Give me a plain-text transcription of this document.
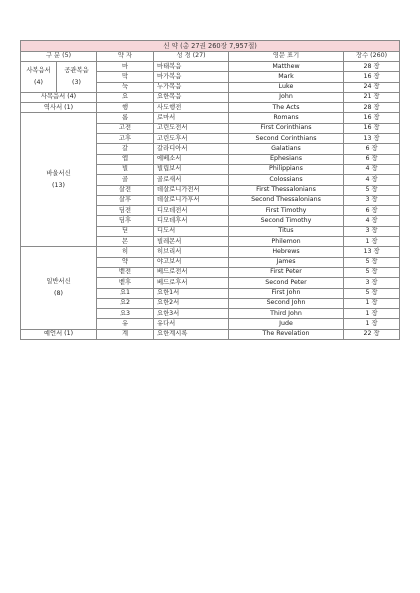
신 약 (총 27권 260장 7,957절)					
구 분 (5)		약 자	성 경 (27)	영문 표기	장수 (260)

사복음서
(4)	공관복음
(3)	마	마태복음	Matthew	28 장
		막	마가복음	Mark	16 장
		눅	누가복음	Luke	24 장

사복음서 (4)		요	요한복음	John	21 장

역사서 (1)		행	사도행전	The Acts	28 장

바울서신
(13)		롬	로마서	Romans	16 장
		고전	고린도전서	First Corinthians	16 장
		고후	고린도후서	Second Corinthians	13 장
		갈	갈라디아서	Galatians	6 장
		엡	에베소서	Ephesians	6 장
		빌	빌립보서	Philippians	4 장
		골	골로새서	Colossians	4 장
		살전	데살로니가전서	First Thessalonians	5 장
		살후	데살로니가후서	Second Thessalonians	3 장
		딤전	디모데전서	First Timothy	6 장
		딤후	디모데후서	Second Timothy	4 장
		딛	디도서	Titus	3 장
		몬	빌레몬서	Philemon	1 장

일반서신
(8)		히	히브리서	Hebrews	13 장
		약	야고보서	James	5 장
		벧전	베드로전서	First Peter	5 장
		벧후	베드로후서	Second Peter	3 장
		요1	요한1서	First John	5 장
		요2	요한2서	Second John	1 장
		요3	요한3서	Third John	1 장
		유	유다서	Jude	1 장

예언서 (1)		계	요한계시록	The Revelation	22 장
